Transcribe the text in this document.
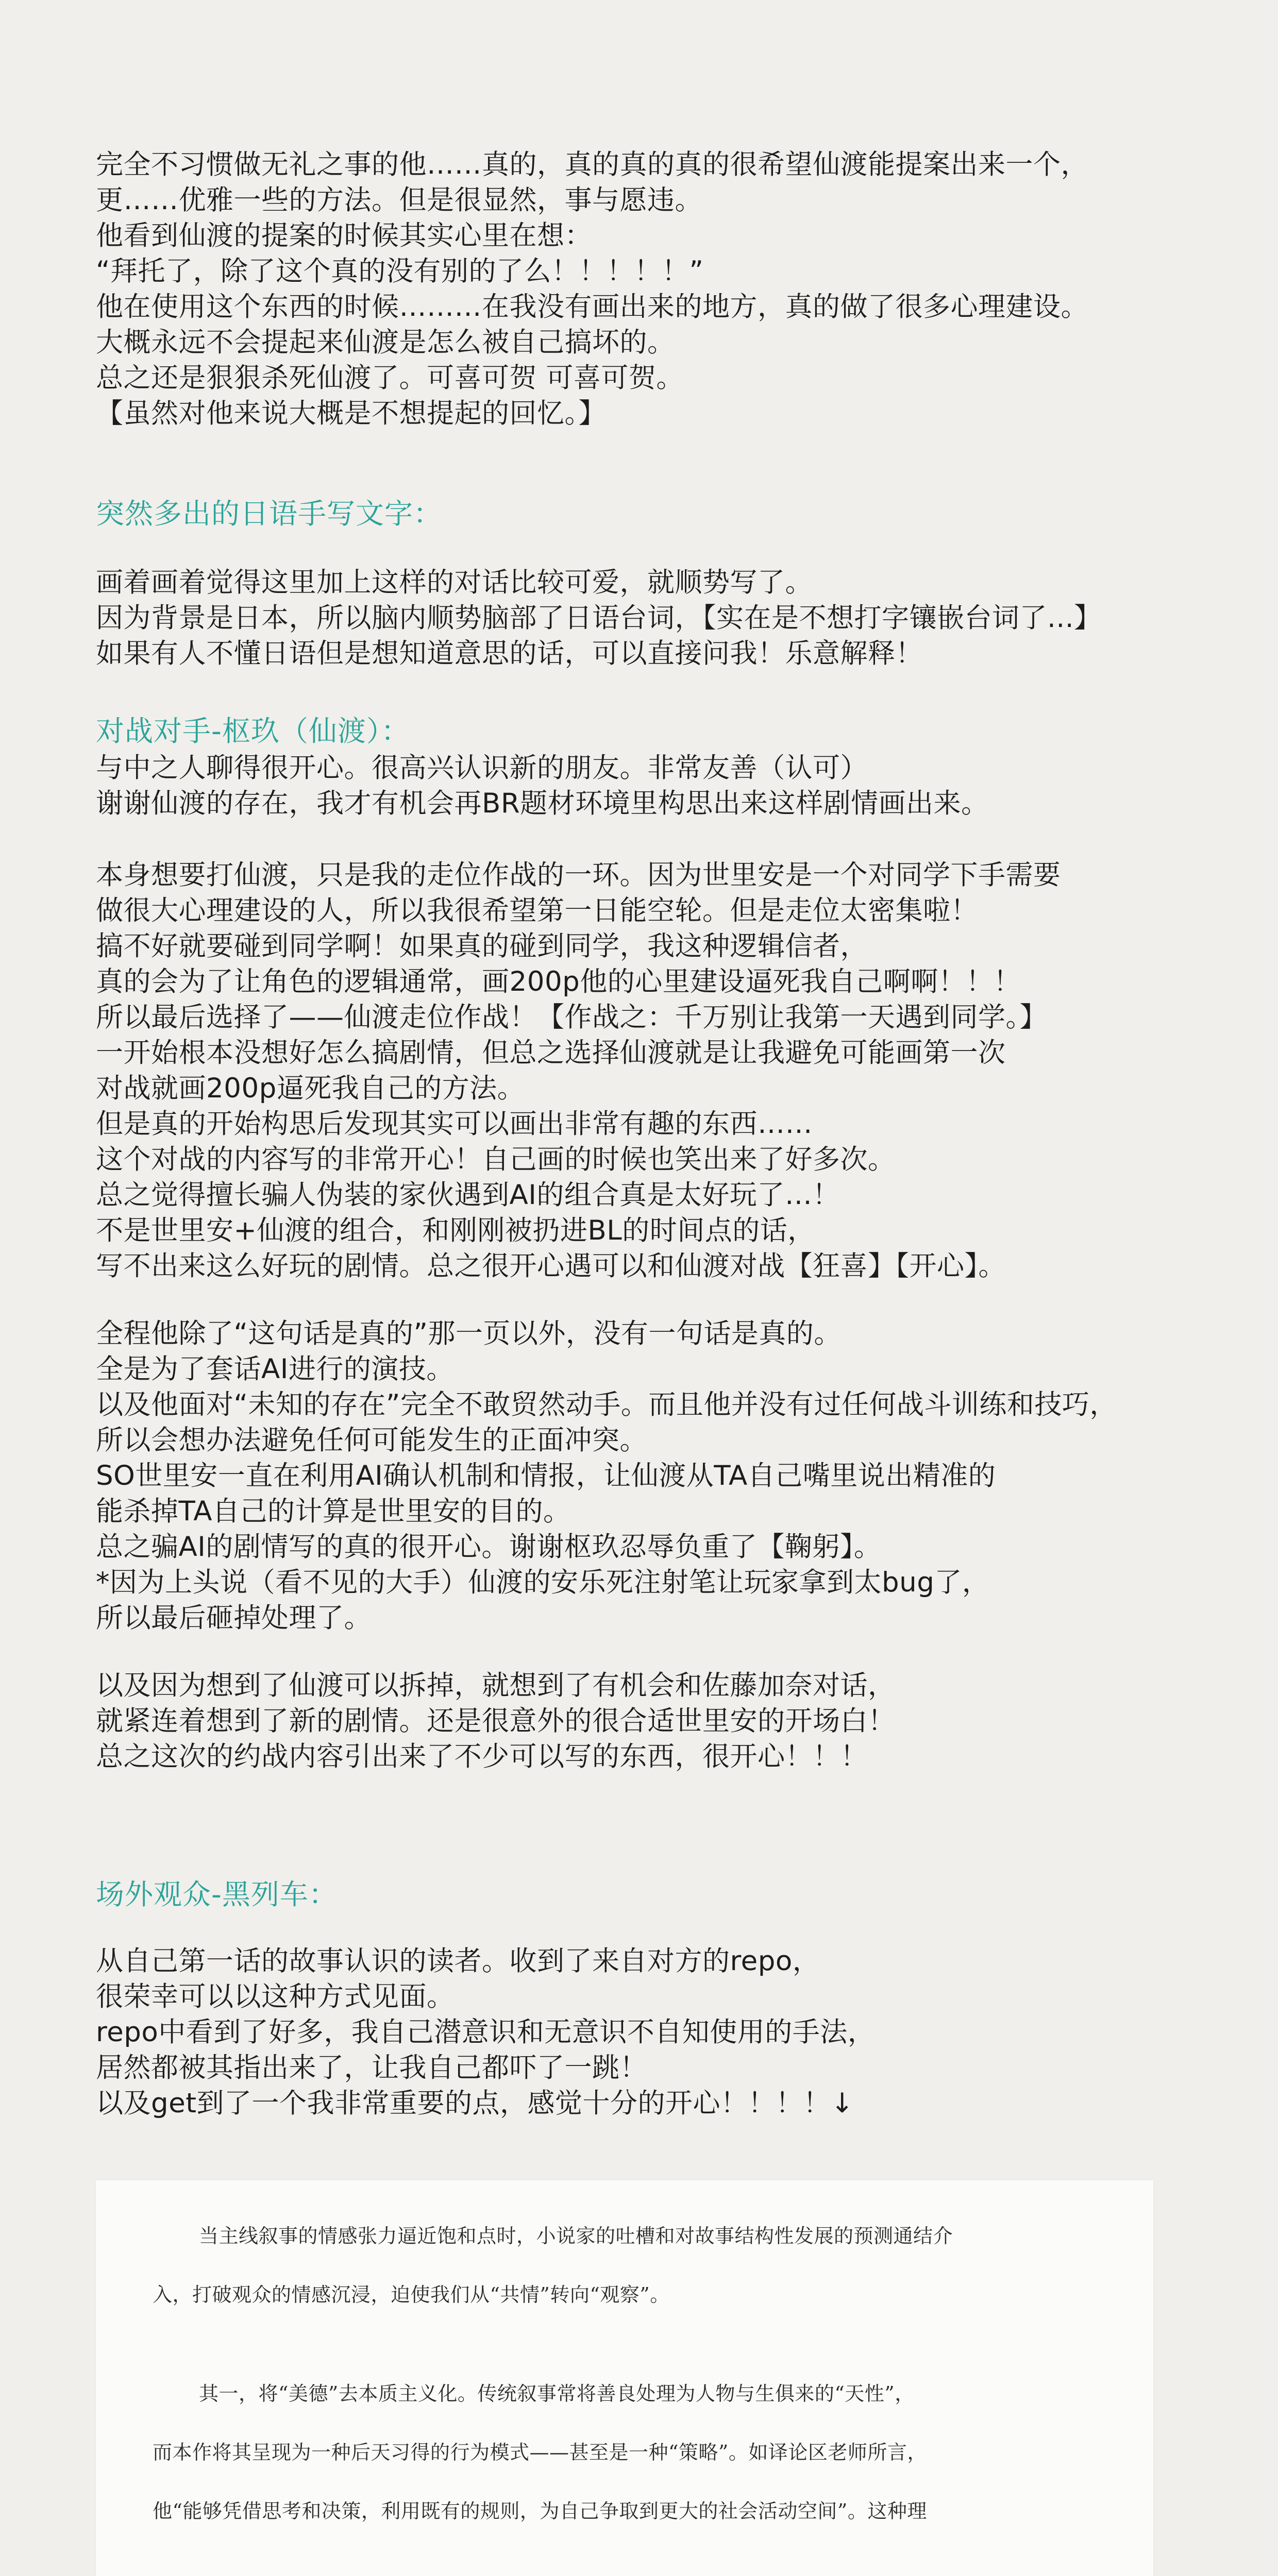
完全不习惯做无礼之事的他……真的，真的真的真的很希望仙渡能提案出来一个，
更……优雅一些的方法。但是很显然，事与愿违。
他看到仙渡的提案的时候其实心里在想：
“拜托了，除了这个真的没有别的了么！！！！！”
他在使用这个东西的时候………在我没有画出来的地方，真的做了很多心理建设。
大概永远不会提起来仙渡是怎么被自己搞坏的。
总之还是狠狠杀死仙渡了。可喜可贺 可喜可贺。
【虽然对他来说大概是不想提起的回忆。】
突然多出的日语手写文字：
画着画着觉得这里加上这样的对话比较可爱，就顺势写了。
因为背景是日本，所以脑内顺势脑部了日语台词，【实在是不想打字镶嵌台词了...】
如果有人不懂日语但是想知道意思的话，可以直接问我！乐意解释！
对战对手-枢玖（仙渡）：
与中之人聊得很开心。很高兴认识新的朋友。非常友善（认可）
谢谢仙渡的存在，我才有机会再BR题材环境里构思出来这样剧情画出来。
本身想要打仙渡，只是我的走位作战的一环。因为世里安是一个对同学下手需要
做很大心理建设的人，所以我很希望第一日能空轮。但是走位太密集啦！
搞不好就要碰到同学啊！如果真的碰到同学，我这种逻辑信者，
真的会为了让角色的逻辑通常，画200p他的心里建设逼死我自己啊啊！！！
所以最后选择了——仙渡走位作战！【作战之：千万别让我第一天遇到同学。】
一开始根本没想好怎么搞剧情，但总之选择仙渡就是让我避免可能画第一次
对战就画200p逼死我自己的方法。
但是真的开始构思后发现其实可以画出非常有趣的东西……
这个对战的内容写的非常开心！自己画的时候也笑出来了好多次。
总之觉得擅长骗人伪装的家伙遇到AI的组合真是太好玩了…！
不是世里安+仙渡的组合，和刚刚被扔进BL的时间点的话，
写不出来这么好玩的剧情。总之很开心遇可以和仙渡对战【狂喜】【开心】。
全程他除了“这句话是真的”那一页以外，没有一句话是真的。
全是为了套话AI进行的演技。
以及他面对“未知的存在”完全不敢贸然动手。而且他并没有过任何战斗训练和技巧，
所以会想办法避免任何可能发生的正面冲突。
SO世里安一直在利用AI确认机制和情报，让仙渡从TA自己嘴里说出精准的
能杀掉TA自己的计算是世里安的目的。
总之骗AI的剧情写的真的很开心。谢谢枢玖忍辱负重了【鞠躬】。
*因为上头说（看不见的大手）仙渡的安乐死注射笔让玩家拿到太bug了，
所以最后砸掉处理了。
以及因为想到了仙渡可以拆掉，就想到了有机会和佐藤加奈对话，
就紧连着想到了新的剧情。还是很意外的很合适世里安的开场白！
总之这次的约战内容引出来了不少可以写的东西，很开心！！！
场外观众-黑列车：
从自己第一话的故事认识的读者。收到了来自对方的repo，
很荣幸可以以这种方式见面。
repo中看到了好多，我自己潜意识和无意识不自知使用的手法，
居然都被其指出来了，让我自己都吓了一跳！
以及get到了一个我非常重要的点，感觉十分的开心！！！！↓
当主线叙事的情感张力逼近饱和点时，小说家的吐槽和对故事结构性发展的预测通结介
入，打破观众的情感沉浸，迫使我们从“共情”转向“观察”。
其一，将“美德”去本质主义化。传统叙事常将善良处理为人物与生俱来的“天性”，
而本作将其呈现为一种后天习得的行为模式——甚至是一种“策略”。如译论区老师所言，
他“能够凭借思考和决策，利用既有的规则，为自己争取到更大的社会活动空间”。这种理
